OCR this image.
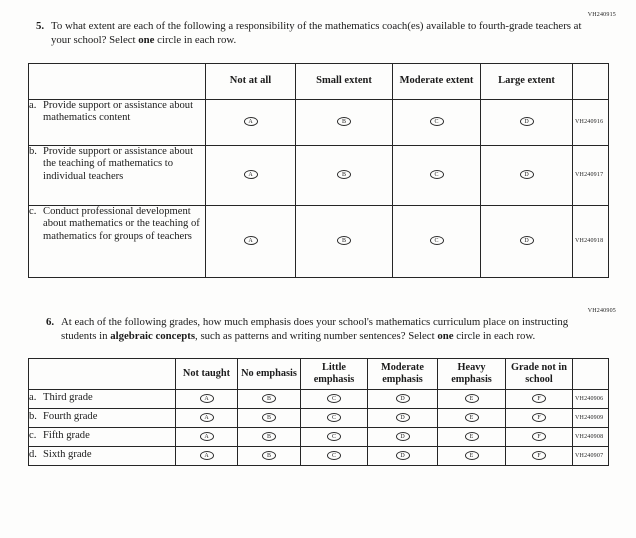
VH240915
5. To what extent are each of the following a responsibility of the mathematics coach(es) available to fourth-grade teachers at your school? Select one circle in each row.
	Not at all	Small extent	Moderate extent	Large extent	

a. Provide support or assistance about mathematics content	A	B	C	D	VH240916

b. Provide support or assistance about the teaching of mathematics to individual teachers	A	B	C	D	VH240917

c. Conduct professional development about mathematics or the teaching of mathematics for groups of teachers	A	B	C	D	VH240918
VH240905
6. At each of the following grades, how much emphasis does your school's mathematics curriculum place on instructing students in algebraic concepts, such as patterns and writing number sentences? Select one circle in each row.
	Not taught	No emphasis	Little emphasis	Moderate emphasis	Heavy emphasis	Grade not in school	

a. Third grade	A	B	C	D	E	F	VH240906

b. Fourth grade	A	B	C	D	E	F	VH240909

c. Fifth grade	A	B	C	D	E	F	VH240908

d. Sixth grade	A	B	C	D	E	F	VH240907
